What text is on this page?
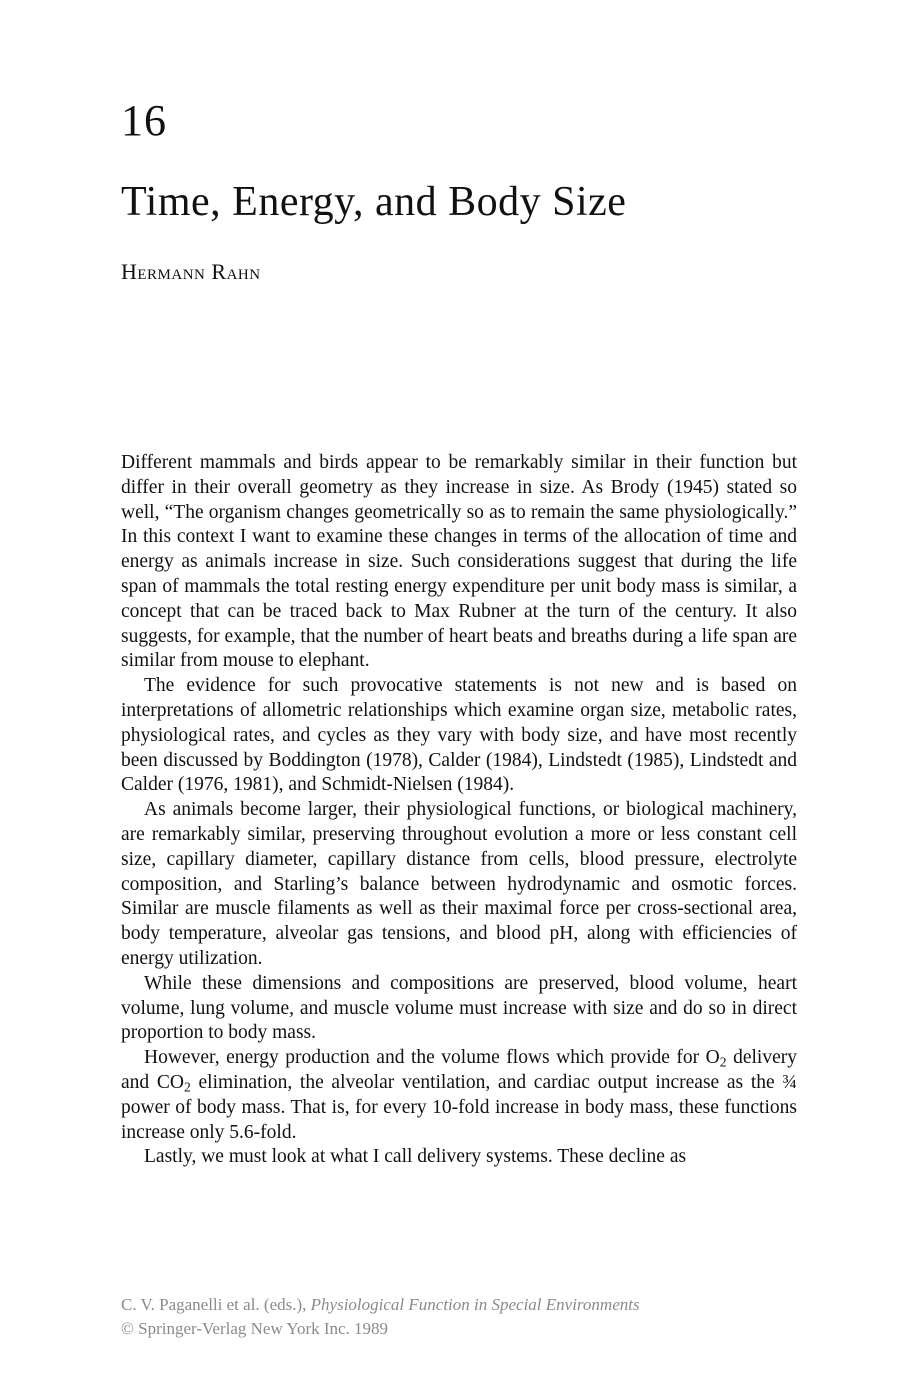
16
Time, Energy, and Body Size
Hermann Rahn

Different mammals and birds appear to be remarkably similar in their function but differ in their overall geometry as they increase in size. As Brody (1945) stated so well, “The organism changes geometrically so as to remain the same physiologically.” In this context I want to examine these changes in terms of the allocation of time and energy as animals increase in size. Such considerations suggest that during the life span of mammals the total resting energy expenditure per unit body mass is similar, a concept that can be traced back to Max Rubner at the turn of the century. It also suggests, for example, that the number of heart beats and breaths during a life span are similar from mouse to elephant.

The evidence for such provocative statements is not new and is based on interpretations of allometric relationships which examine organ size, metabolic rates, physiological rates, and cycles as they vary with body size, and have most recently been discussed by Boddington (1978), Calder (1984), Lindstedt (1985), Lindstedt and Calder (1976, 1981), and Schmidt-Nielsen (1984).

As animals become larger, their physiological functions, or biological machinery, are remarkably similar, preserving throughout evolution a more or less constant cell size, capillary diameter, capillary distance from cells, blood pressure, electrolyte composition, and Starling’s balance between hydrodynamic and osmotic forces. Similar are muscle filaments as well as their maximal force per cross-sectional area, body temperature, alveolar gas tensions, and blood pH, along with efficiencies of energy utilization.

While these dimensions and compositions are preserved, blood volume, heart volume, lung volume, and muscle volume must increase with size and do so in direct proportion to body mass.

However, energy production and the volume flows which provide for $O_2$ delivery and $CO_2$ elimination, the alveolar ventilation, and cardiac output increase as the ¾ power of body mass. That is, for every 10-fold increase in body mass, these functions increase only 5.6-fold.

Lastly, we must look at what I call delivery systems. These decline as

C. V. Paganelli et al. (eds.), Physiological Function in Special Environments
© Springer-Verlag New York Inc. 1989
